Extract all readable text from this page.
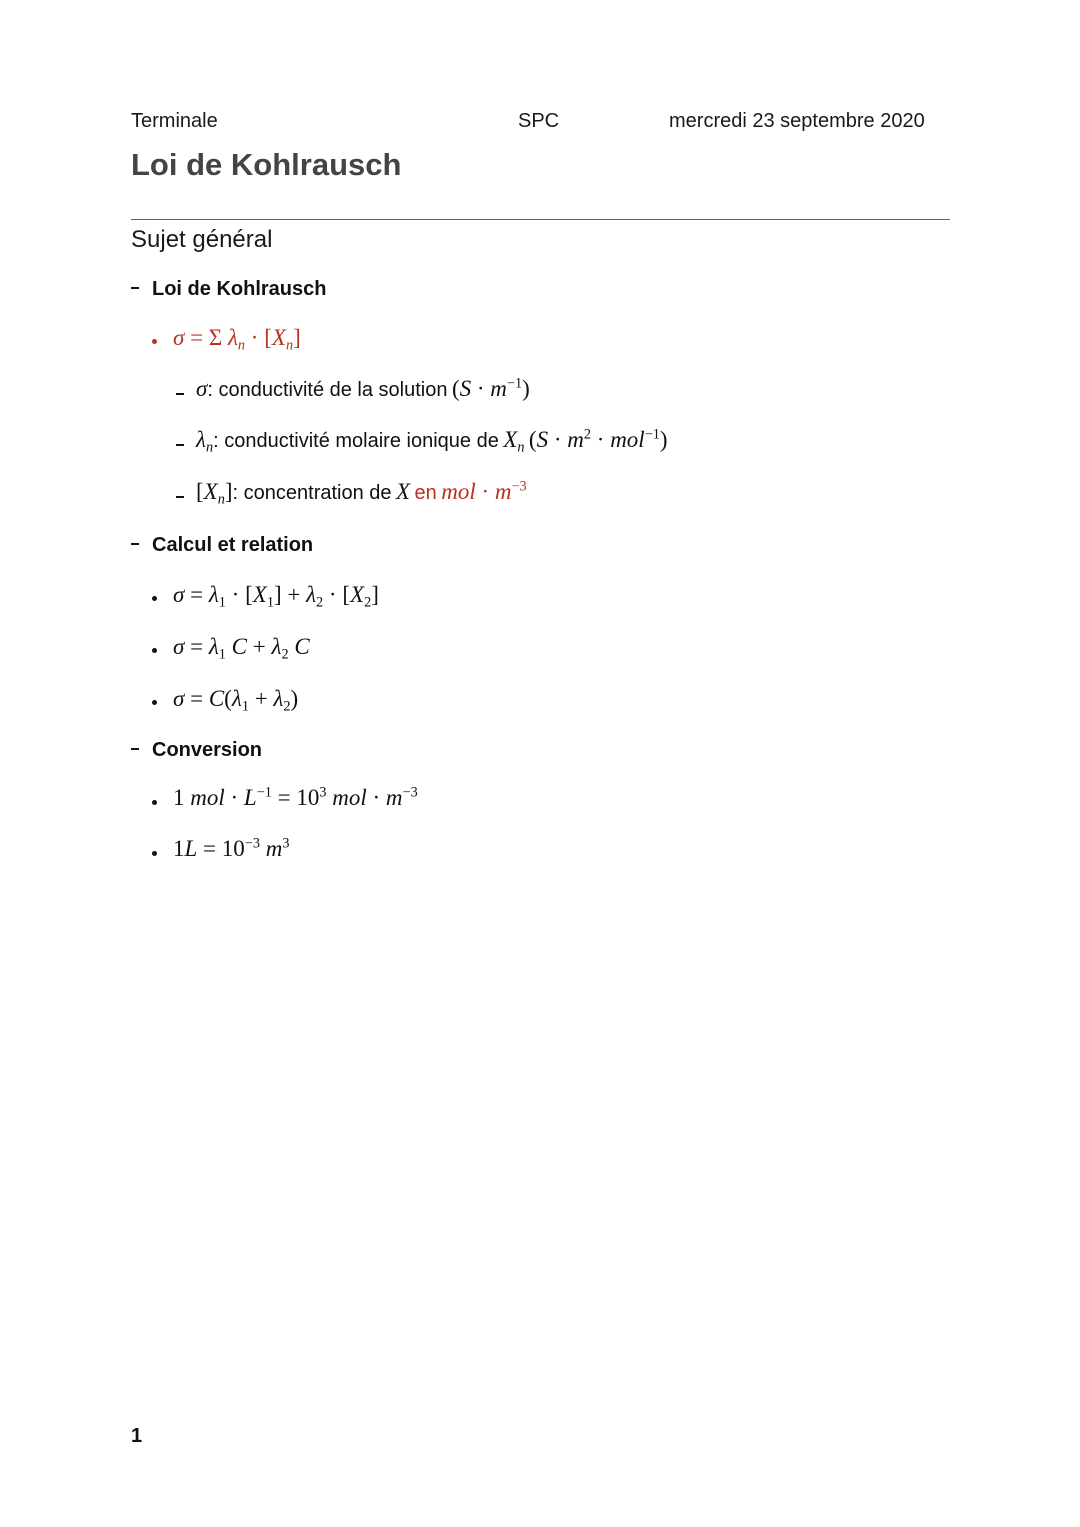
Terminale	SPC	mercredi 23 septembre 2020
Loi de Kohlrausch
Sujet général
Loi de Kohlrausch
σ = Σ $\lambda_n \cdot [X_n]$
σ: conductivité de la solution $(S \cdot m^{-1})$
$\lambda_n$: conductivité molaire ionique de $X_n$ $(S \cdot m^2 \cdot mol^{-1})$
$[X_n]$: concentration de X en mol · $m^{-3}$
Calcul et relation
$\sigma = \lambda_1 \cdot [X_1] + \lambda_2 \cdot [X_2]$
$\sigma = \lambda_1$ $C + \lambda_2$ C
$\sigma = C(\lambda_1 + \lambda_2)$
Conversion
1 mol · $L^{-1} = 10^3$ mol · $m^{-3}$
$1L = 10^{-3}$ $m^3$
1
